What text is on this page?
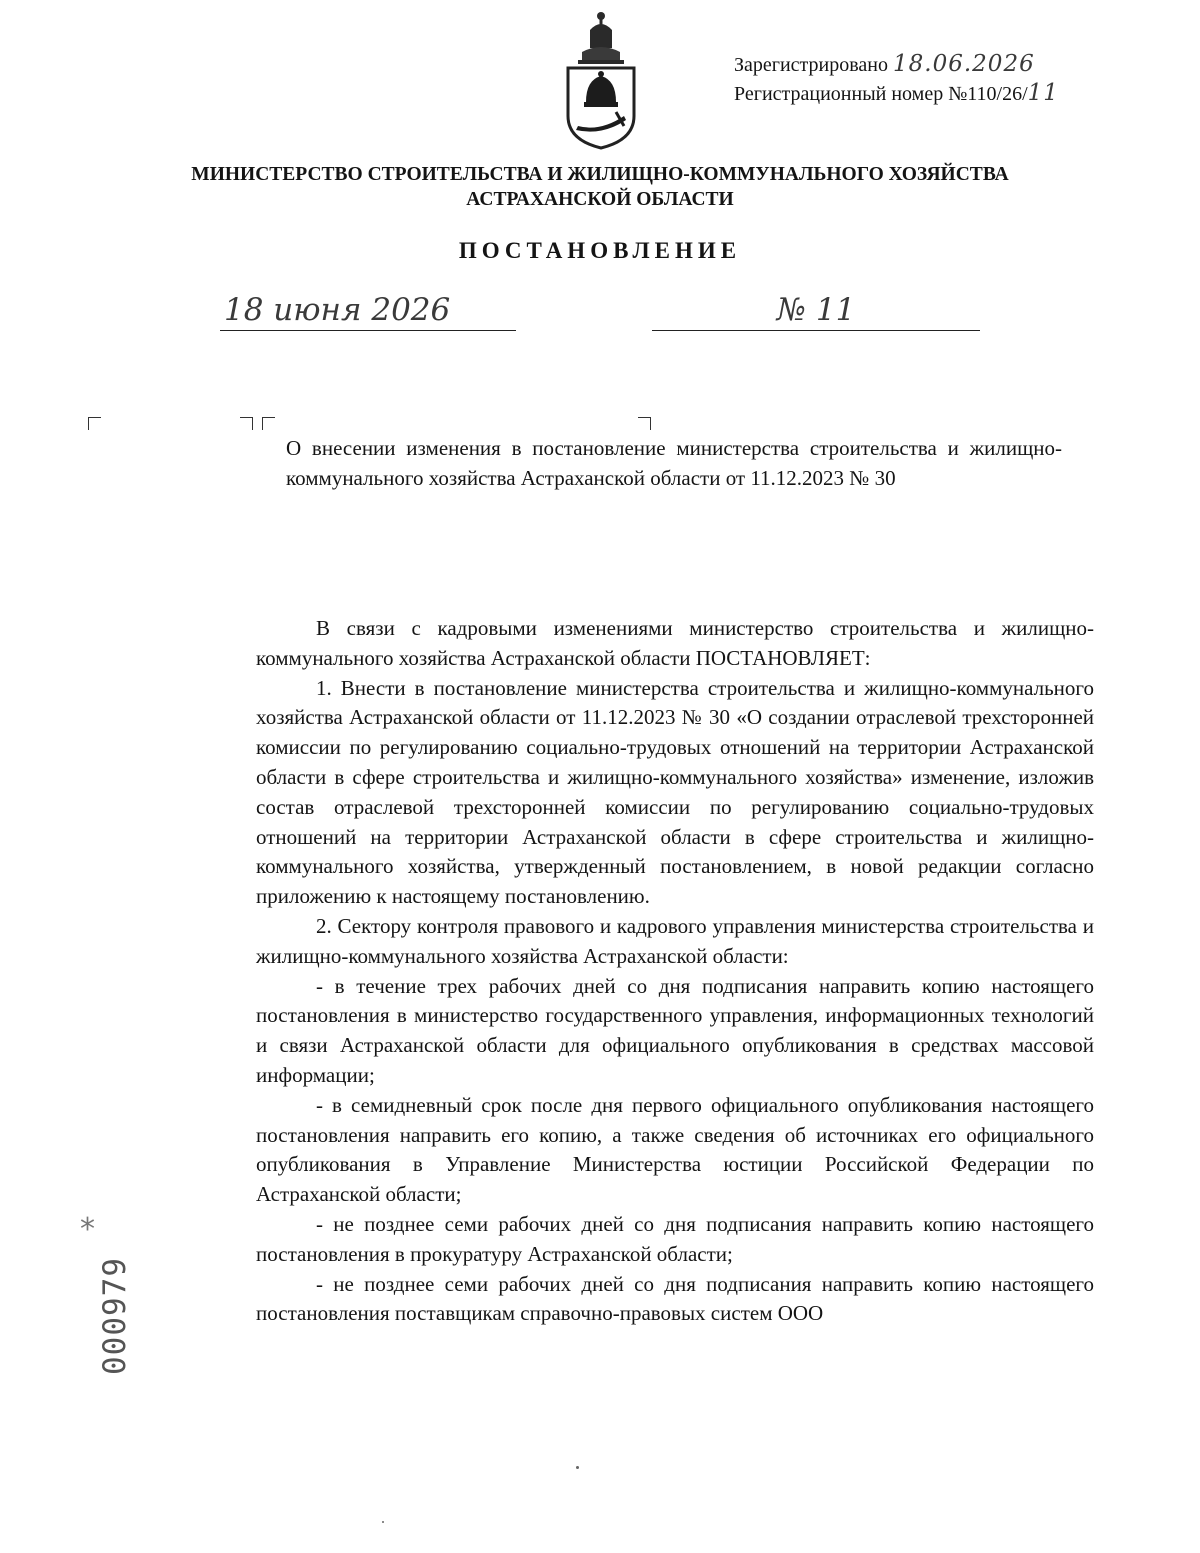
Зарегистрировано 18.06.2026
Регистрационный номер №110/26/11
МИНИСТЕРСТВО СТРОИТЕЛЬСТВА И ЖИЛИЩНО-КОММУНАЛЬНОГО ХОЗЯЙСТВА
АСТРАХАНСКОЙ ОБЛАСТИ
ПОСТАНОВЛЕНИЕ
18 июня 2026	№ 11
О внесении изменения в постановление министерства строительства и жилищно-коммунального хозяйства Астраханской области от 11.12.2023 № 30

В связи с кадровыми изменениями министерство строительства и жилищно-коммунального хозяйства Астраханской области ПОСТАНОВЛЯЕТ:

1. Внести в постановление министерства строительства и жилищно-коммунального хозяйства Астраханской области от 11.12.2023 № 30 «О создании отраслевой трехсторонней комиссии по регулированию социально-трудовых отношений на территории Астраханской области в сфере строительства и жилищно-коммунального хозяйства» изменение, изложив состав отраслевой трехсторонней комиссии по регулированию социально-трудовых отношений на территории Астраханской области в сфере строительства и жилищно-коммунального хозяйства, утвержденный постановлением, в новой редакции согласно приложению к настоящему постановлению.

2. Сектору контроля правового и кадрового управления министерства строительства и жилищно-коммунального хозяйства Астраханской области:

- в течение трех рабочих дней со дня подписания направить копию настоящего постановления в министерство государственного управления, информационных технологий и связи Астраханской области для официального опубликования в средствах массовой информации;

- в семидневный срок после дня первого официального опубликования настоящего постановления направить его копию, а также сведения об источниках его официального опубликования в Управление Министерства юстиции Российской Федерации по Астраханской области;

- не позднее семи рабочих дней со дня подписания направить копию настоящего постановления в прокуратуру Астраханской области;

- не позднее семи рабочих дней со дня подписания направить копию настоящего постановления поставщикам справочно-правовых систем ООО

*
000979
